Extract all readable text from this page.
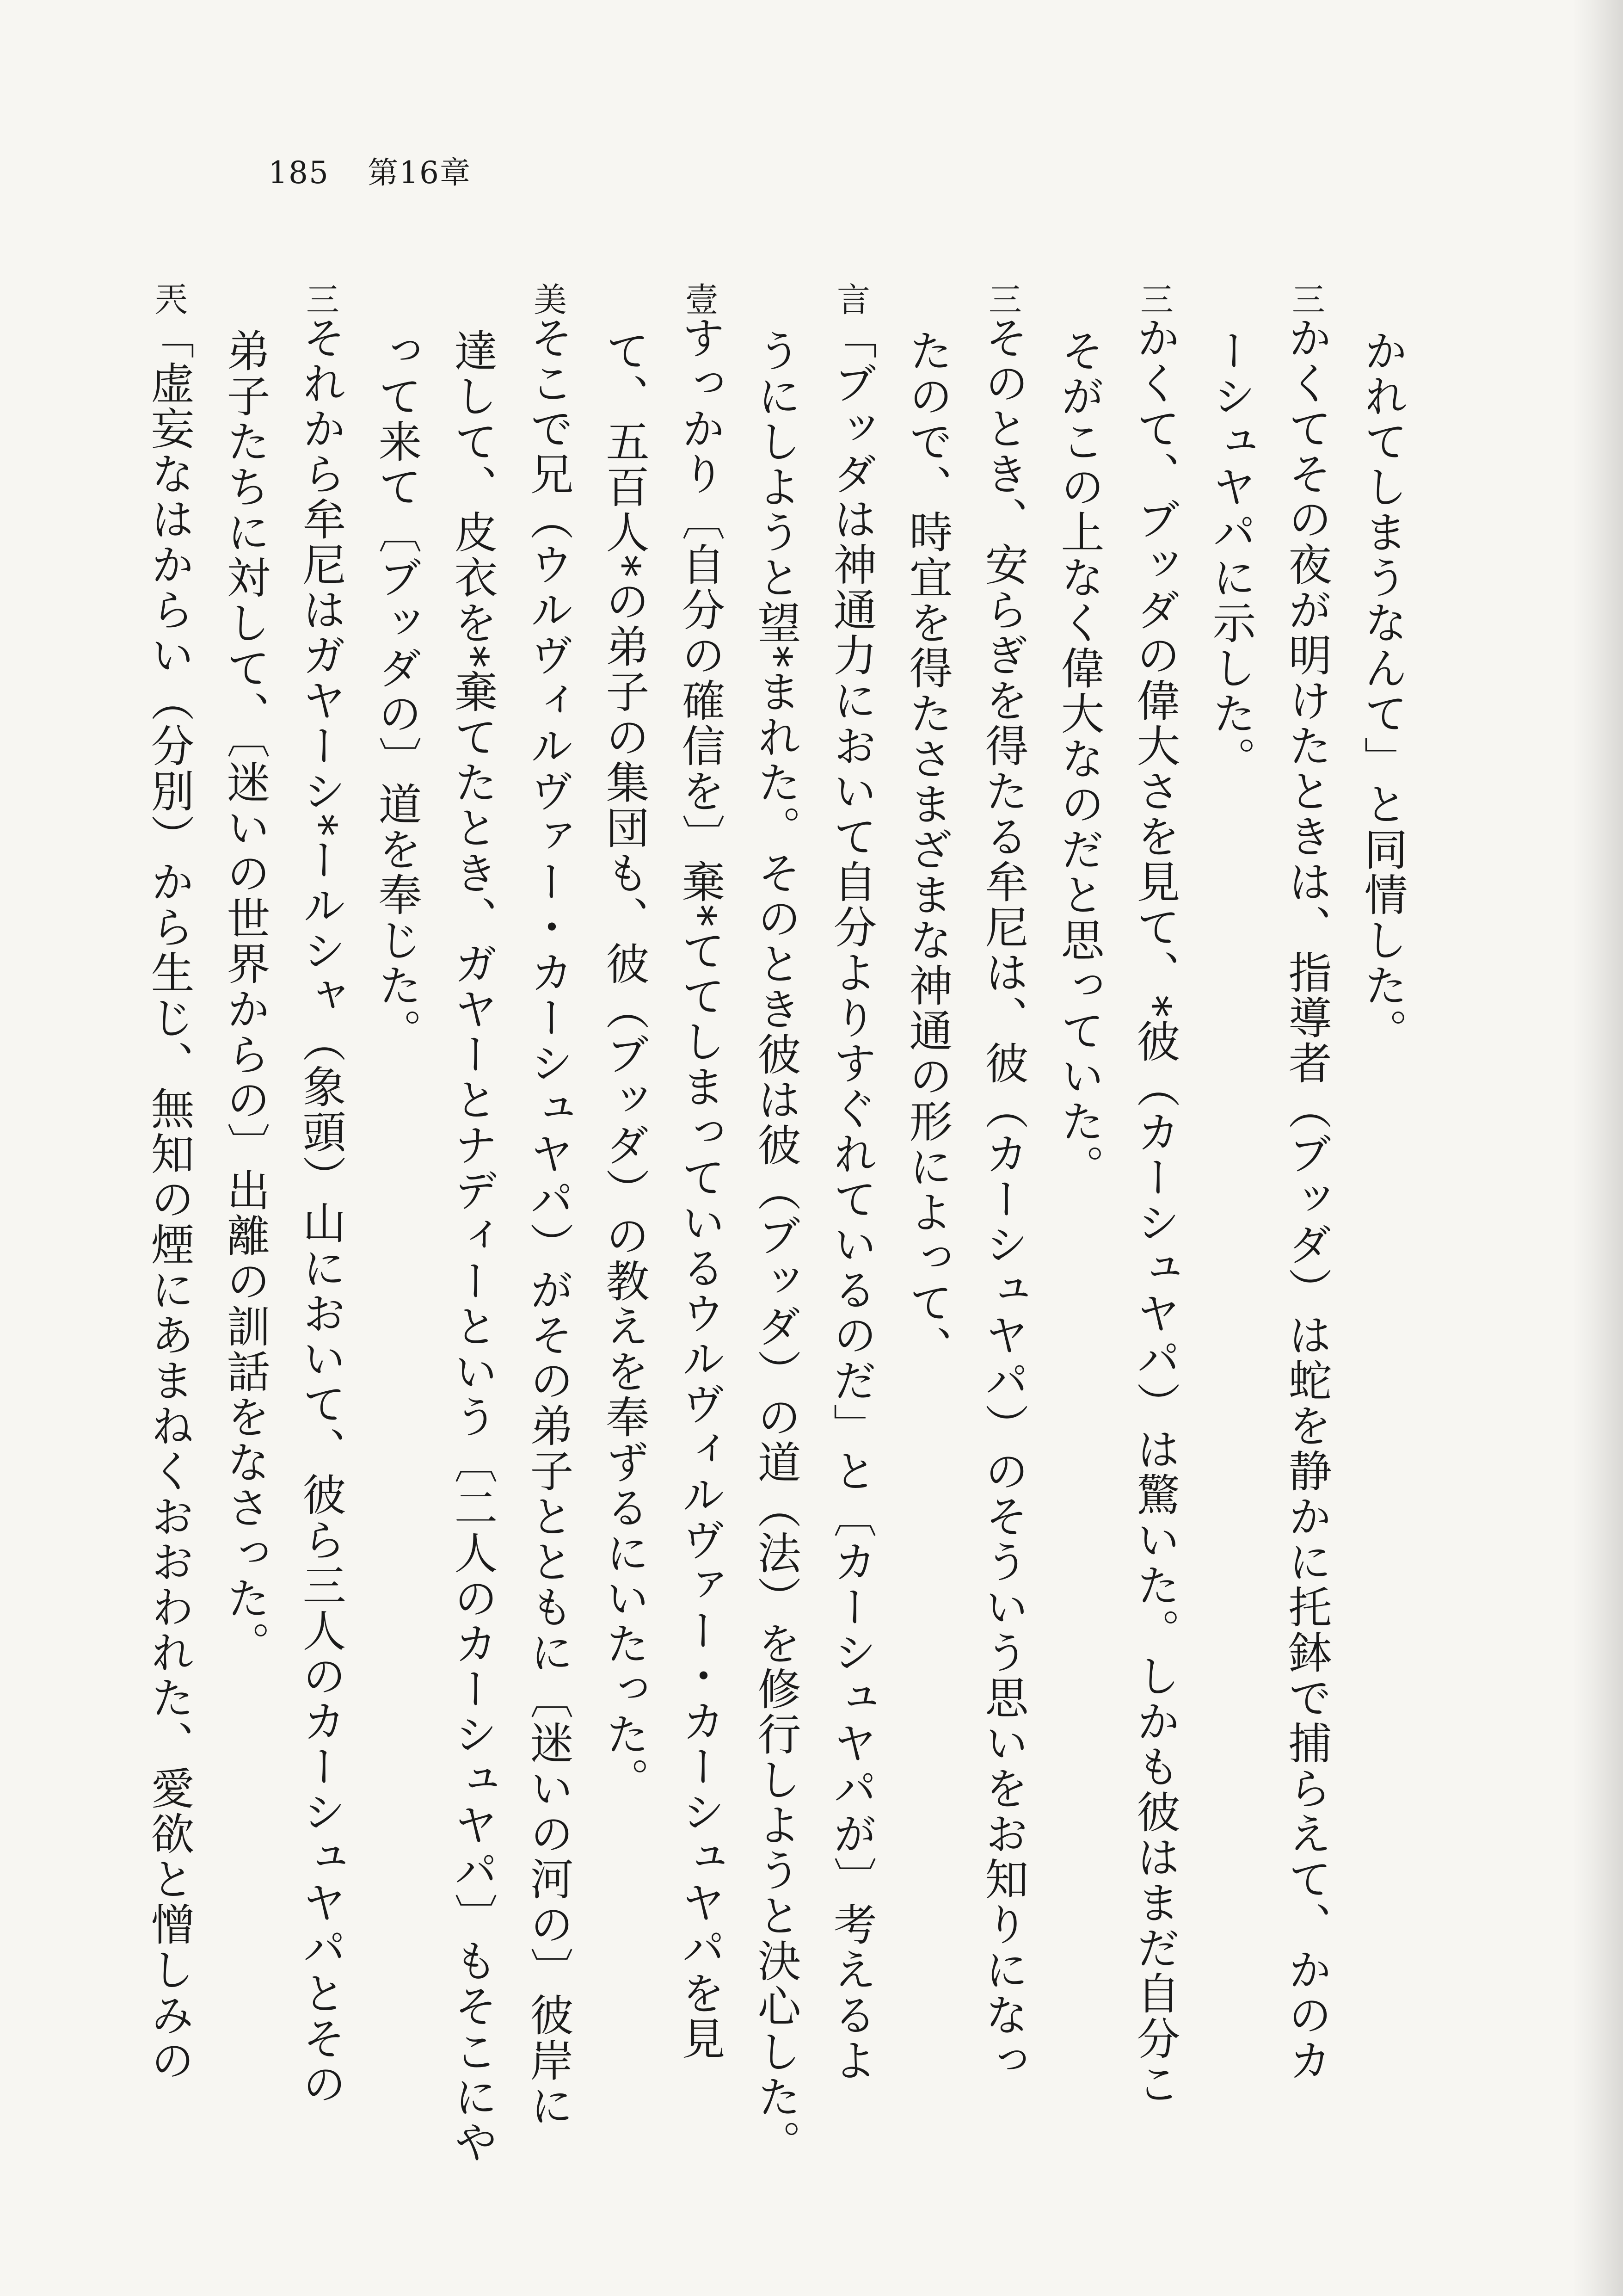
185 第16章
かれてしまうなんて」と同情した。
三かくてその夜が明けたときは、指導者（ブッダ）は蛇を静かに托鉢で捕らえて、かのカ
ーシュヤパに示した。
三かくて、ブッダの偉大さを見て、*彼（カーシュヤパ）は驚いた。しかも彼はまだ自分こ
そがこの上なく偉大なのだと思っていた。
三そのとき、安らぎを得たる牟尼は、彼（カーシュヤパ）のそういう思いをお知りになっ
たので、時宜を得たさまざまな神通の形によって、
言「ブッダは神通力において自分よりすぐれているのだ」と〔カーシュヤパが〕考えるよ
うにしようと望*まれた。そのとき彼は彼（ブッダ）の道（法）を修行しようと決心した。
壹すっかり〔自分の確信を〕棄*ててしまっているウルヴィルヴァー・カーシュヤパを見
て、五百人*の弟子の集団も、彼（ブッダ）の教えを奉ずるにいたった。
美そこで兄（ウルヴィルヴァー・カーシュヤパ）がその弟子とともに〔迷いの河の〕彼岸に
達して、皮衣を*棄てたとき、ガヤーとナディーという〔二人のカーシュヤパ〕もそこにや
って来て〔ブッダの〕道を奉じた。
三それから牟尼はガヤーシ*ールシャ（象頭）山において、彼ら三人のカーシュヤパとその
弟子たちに対して、〔迷いの世界からの〕出離の訓話をなさった。
兲「虚妄なはからい（分別）から生じ、無知の煙にあまねくおおわれた、愛欲と憎しみの
